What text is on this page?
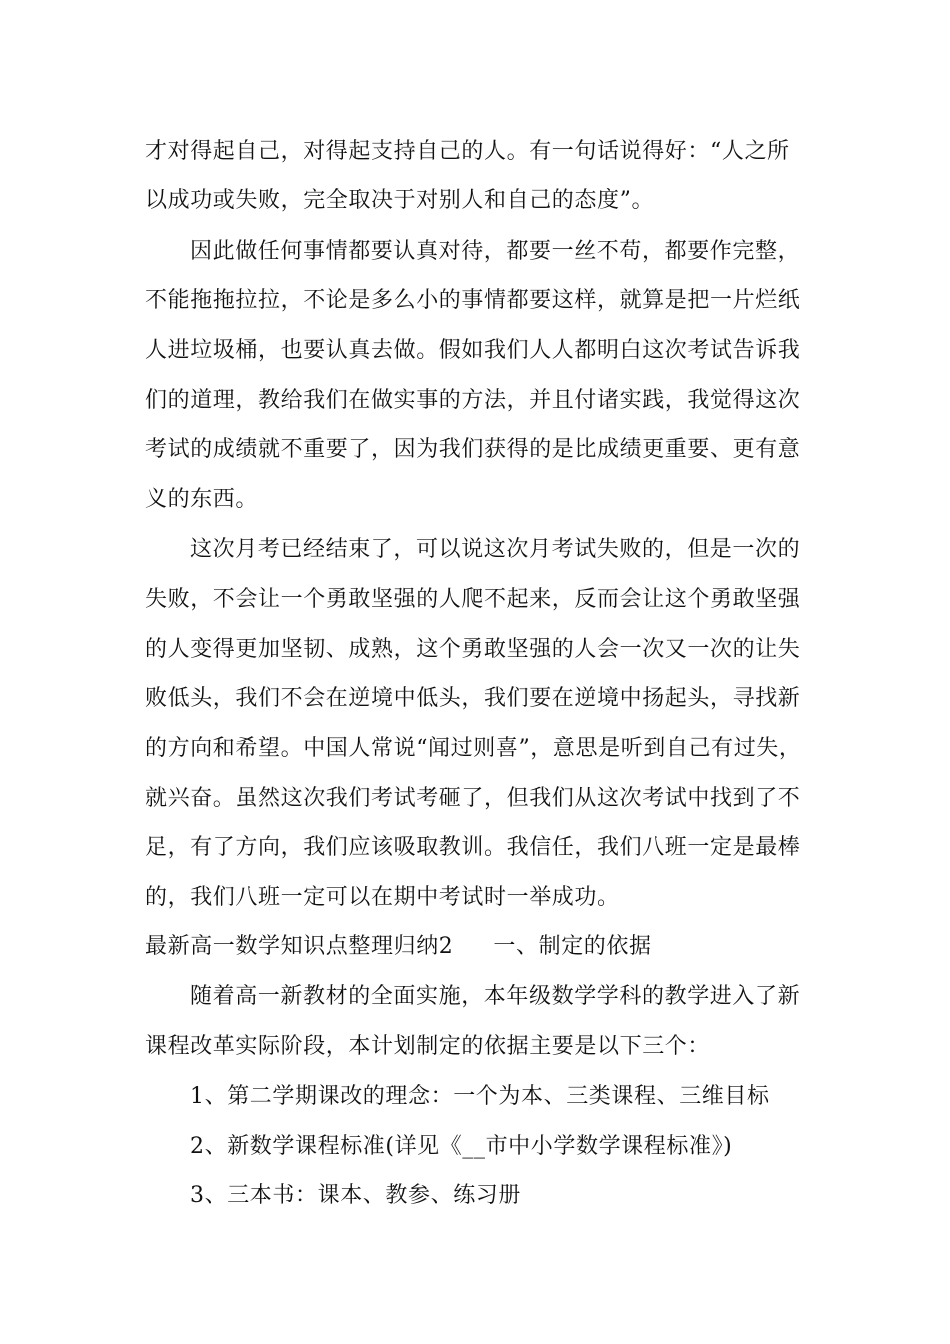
才对得起自己，对得起支持自己的人。有一句话说得好：“人之所
以成功或失败，完全取决于对别人和自己的态度”。
因此做任何事情都要认真对待，都要一丝不苟，都要作完整，
不能拖拖拉拉，不论是多么小的事情都要这样，就算是把一片烂纸
人进垃圾桶，也要认真去做。假如我们人人都明白这次考试告诉我
们的道理，教给我们在做实事的方法，并且付诸实践，我觉得这次
考试的成绩就不重要了，因为我们获得的是比成绩更重要、更有意
义的东西。
这次月考已经结束了，可以说这次月考试失败的，但是一次的
失败，不会让一个勇敢坚强的人爬不起来，反而会让这个勇敢坚强
的人变得更加坚韧、成熟，这个勇敢坚强的人会一次又一次的让失
败低头，我们不会在逆境中低头，我们要在逆境中扬起头，寻找新
的方向和希望。中国人常说“闻过则喜”，意思是听到自己有过失，
就兴奋。虽然这次我们考试考砸了，但我们从这次考试中找到了不
足，有了方向，我们应该吸取教训。我信任，我们八班一定是最棒
的，我们八班一定可以在期中考试时一举成功。
最新高一数学知识点整理归纳2 一、制定的依据
随着高一新教材的全面实施，本年级数学学科的教学进入了新
课程改革实际阶段，本计划制定的依据主要是以下三个：
1、第二学期课改的理念：一个为本、三类课程、三维目标
2、新数学课程标准(详见《__市中小学数学课程标准》)
3、三本书：课本、教参、练习册
